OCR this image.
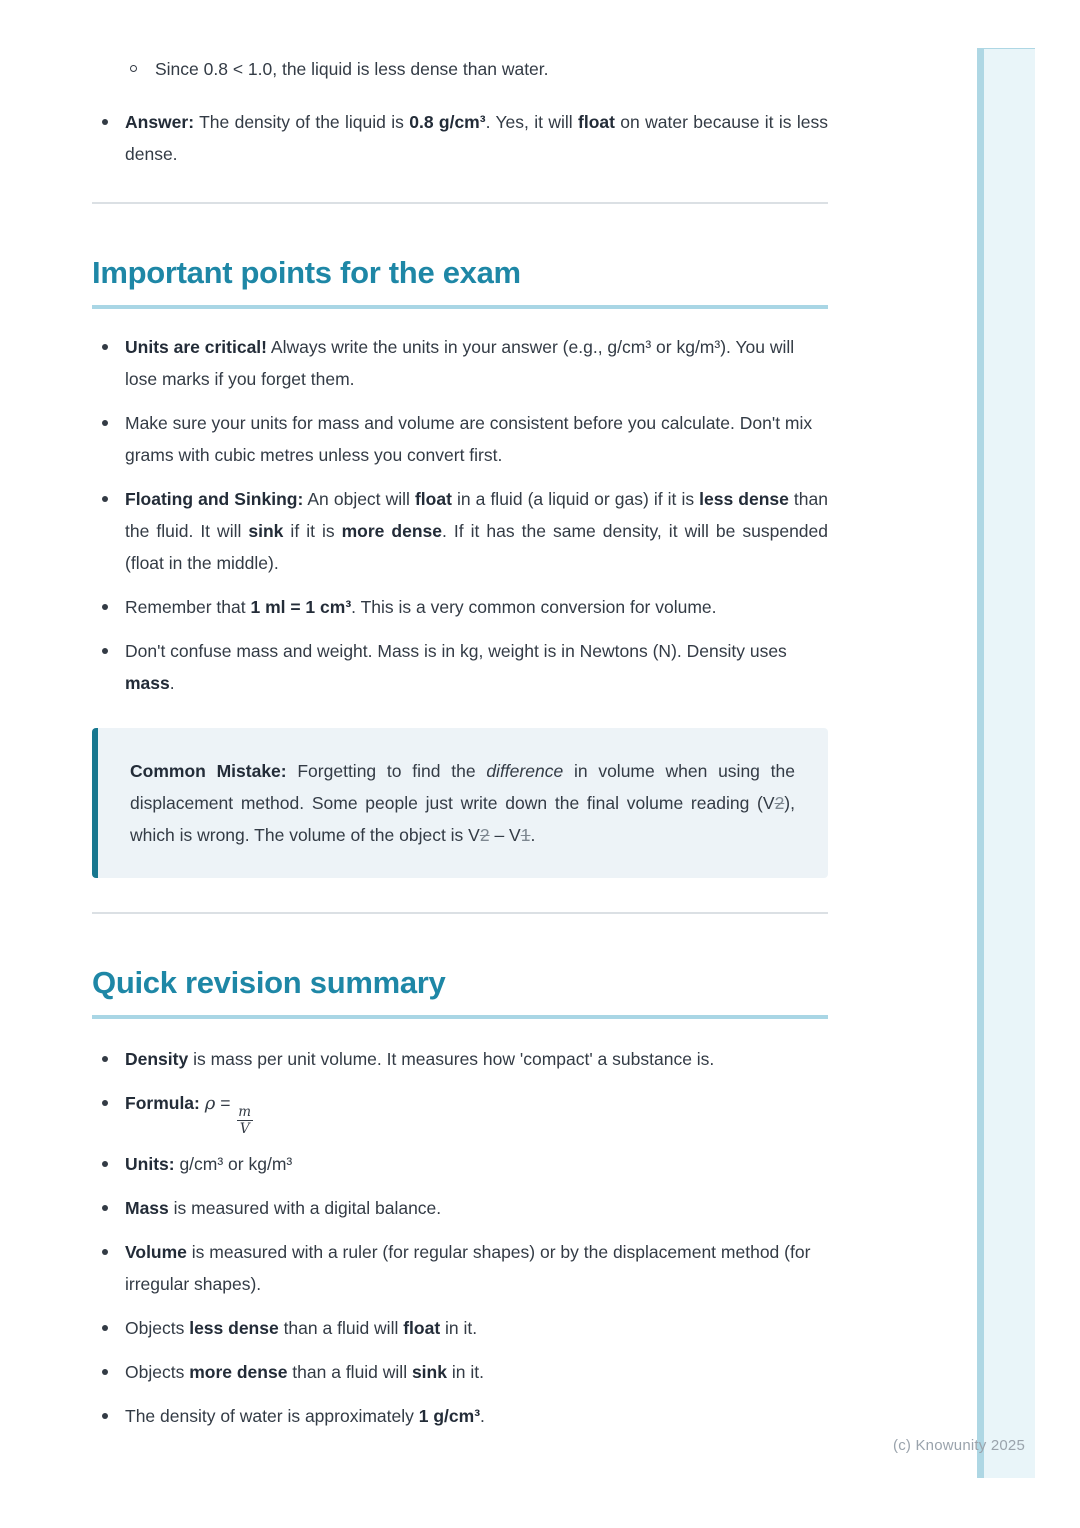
(c) Knowunity 2025
Since 0.8 < 1.0, the liquid is less dense than water.
Answer: The density of the liquid is 0.8 g/cm³. Yes, it will float on water because it is less dense.
Important points for the exam
Units are critical! Always write the units in your answer (e.g., g/cm³ or kg/m³). You will lose marks if you forget them.
Make sure your units for mass and volume are consistent before you calculate. Don't mix grams with cubic metres unless you convert first.
Floating and Sinking: An object will float in a fluid (a liquid or gas) if it is less dense than the fluid. It will sink if it is more dense. If it has the same density, it will be suspended (float in the middle).
Remember that 1 ml = 1 cm³. This is a very common conversion for volume.
Don't confuse mass and weight. Mass is in kg, weight is in Newtons (N). Density uses mass.
Common Mistake: Forgetting to find the difference in volume when using the displacement method. Some people just write down the final volume reading (V2), which is wrong. The volume of the object is V2 – V1.
Quick revision summary
Density is mass per unit volume. It measures how 'compact' a substance is.
Formula: ρ =
$\frac{m}{V}$
Units: g/cm³ or kg/m³
Mass is measured with a digital balance.
Volume is measured with a ruler (for regular shapes) or by the displacement method (for irregular shapes).
Objects less dense than a fluid will float in it.
Objects more dense than a fluid will sink in it.
The density of water is approximately 1 g/cm³.
